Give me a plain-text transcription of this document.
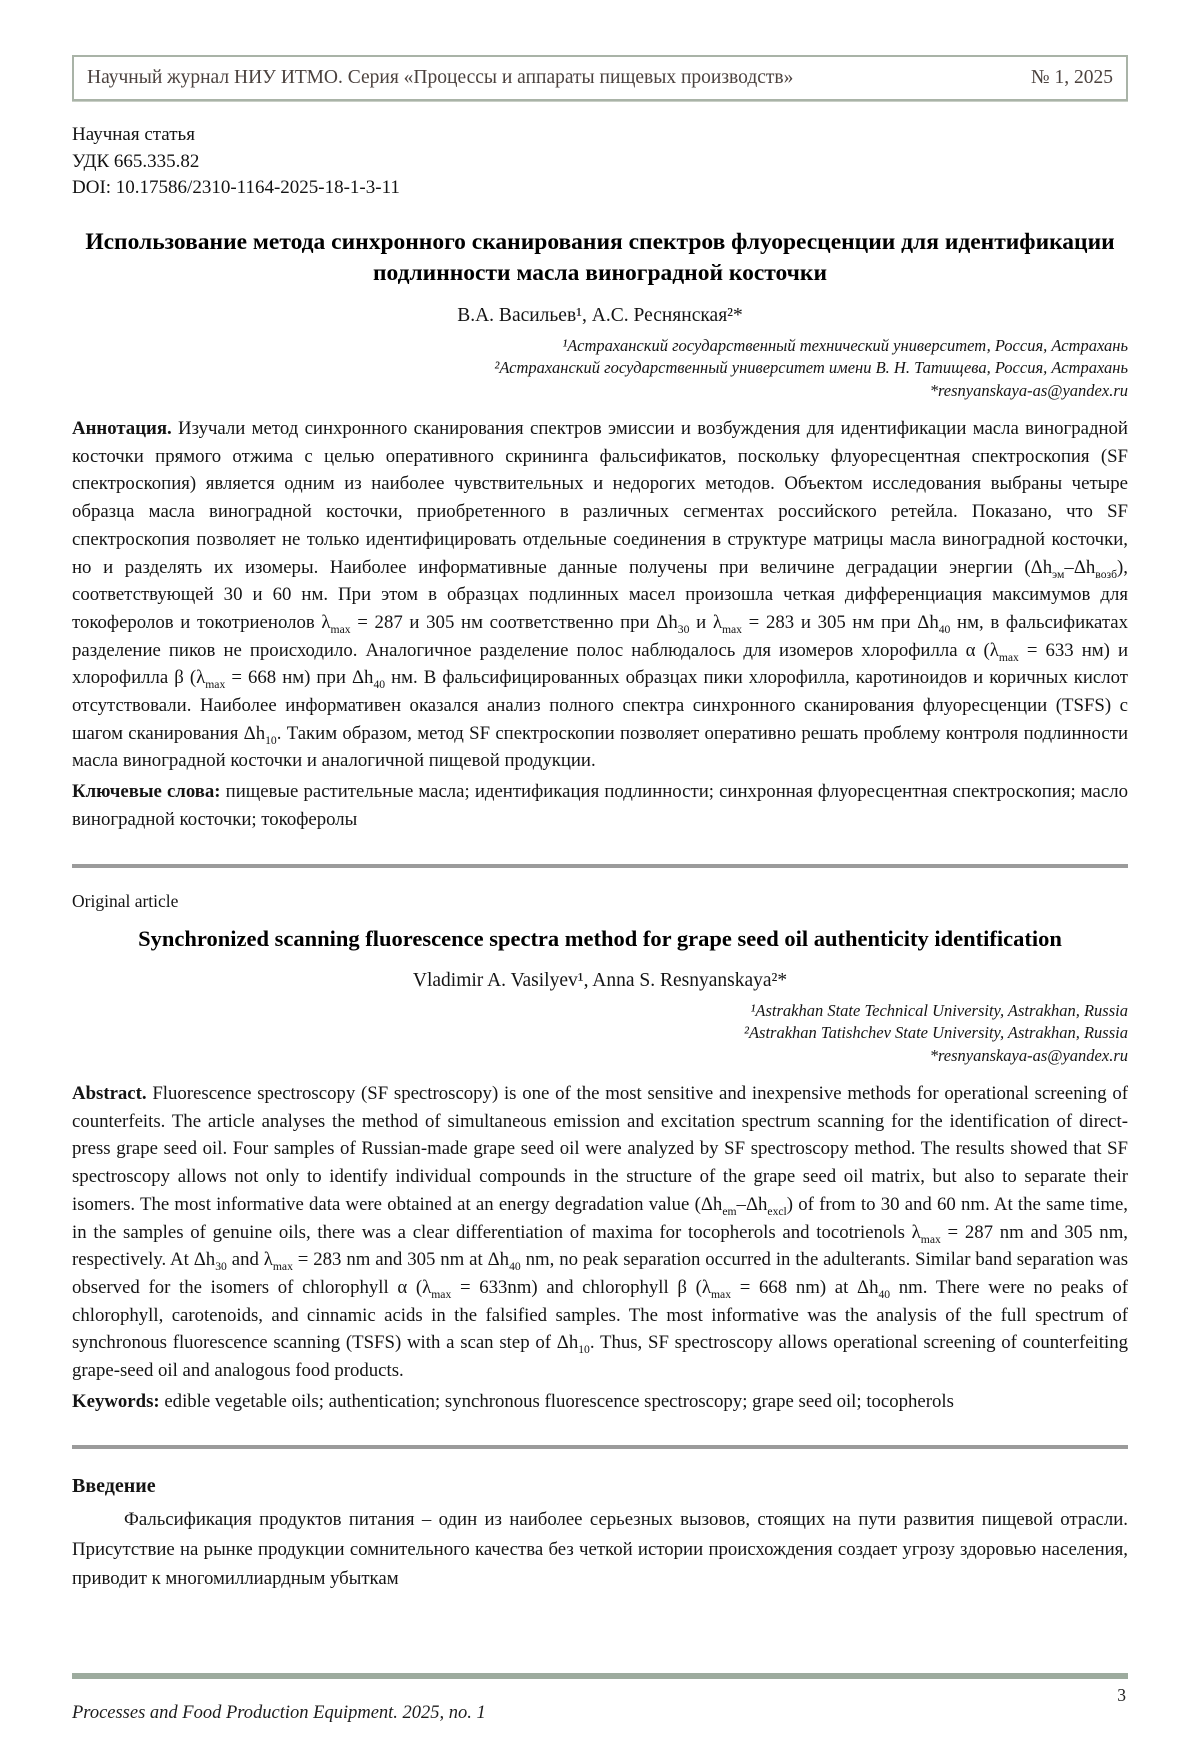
Научный журнал НИУ ИТМО. Серия «Процессы и аппараты пищевых производств»	№ 1, 2025
Научная статья
УДК 665.335.82
DOI: 10.17586/2310-1164-2025-18-1-3-11
Использование метода синхронного сканирования спектров флуоресценции для идентификации подлинности масла виноградной косточки
В.А. Васильев¹, А.С. Реснянская²*
¹Астраханский государственный технический университет, Россия, Астрахань
²Астраханский государственный университет имени В. Н. Татищева, Россия, Астрахань
*resnyanskaya-as@yandex.ru

Аннотация. Изучали метод синхронного сканирования спектров эмиссии и возбуждения для идентификации масла виноградной косточки прямого отжима с целью оперативного скрининга фальсификатов, поскольку флуоресцентная спектроскопия (SF спектроскопия) является одним из наиболее чувствительных и недорогих методов. Объектом исследования выбраны четыре образца масла виноградной косточки, приобретенного в различных сегментах российского ретейла. Показано, что SF спектроскопия позволяет не только идентифицировать отдельные соединения в структуре матрицы масла виноградной косточки, но и разделять их изомеры. Наиболее информативные данные получены при величине деградации энергии $(\Delta h_{эм}-\Delta h_{возб})$, соответствующей 30 и 60 нм. При этом в образцах подлинных масел произошла четкая дифференциация максимумов для токоферолов и токотриенолов $\lambda_{max} = 287$ и 305 нм соответственно при $\Delta h_{30}$ и $\lambda_{max} = 283$ и 305 нм при $\Delta h_{40}$ нм, в фальсификатах разделение пиков не происходило. Аналогичное разделение полос наблюдалось для изомеров хлорофилла α ($\lambda_{max} = 633$ нм) и хлорофилла β ($\lambda_{max} = 668$ нм) при $\Delta h_{40}$ нм. В фальсифицированных образцах пики хлорофилла, каротиноидов и коричных кислот отсутствовали. Наиболее информативен оказался анализ полного спектра синхронного сканирования флуоресценции (TSFS) с шагом сканирования $\Delta h_{10}$. Таким образом, метод SF спектроскопии позволяет оперативно решать проблему контроля подлинности масла виноградной косточки и аналогичной пищевой продукции.

Ключевые слова: пищевые растительные масла; идентификация подлинности; синхронная флуоресцентная спектроскопия; масло виноградной косточки; токоферолы

Original article
Synchronized scanning fluorescence spectra method for grape seed oil authenticity identification
Vladimir A. Vasilyev¹, Anna S. Resnyanskaya²*
¹Astrakhan State Technical University, Astrakhan, Russia
²Astrakhan Tatishchev State University, Astrakhan, Russia
*resnyanskaya-as@yandex.ru

Abstract. Fluorescence spectroscopy (SF spectroscopy) is one of the most sensitive and inexpensive methods for operational screening of counterfeits. The article analyses the method of simultaneous emission and excitation spectrum scanning for the identification of direct-press grape seed oil. Four samples of Russian-made grape seed oil were analyzed by SF spectroscopy method. The results showed that SF spectroscopy allows not only to identify individual compounds in the structure of the grape seed oil matrix, but also to separate their isomers. The most informative data were obtained at an energy degradation value $(\Delta h_{em}-\Delta h_{excl})$ of from to 30 and 60 nm. At the same time, in the samples of genuine oils, there was a clear differentiation of maxima for tocopherols and tocotrienols $\lambda_{max} = 287$ nm and 305 nm, respectively. At $\Delta h_{30}$ and $\lambda_{max} = 283$ nm and 305 nm at $\Delta h_{40}$ nm, no peak separation occurred in the adulterants. Similar band separation was observed for the isomers of chlorophyll α $(\lambda_{max} = 633nm)$ and chlorophyll β ($\lambda_{max} = 668$ nm) at $\Delta h_{40}$ nm. There were no peaks of chlorophyll, carotenoids, and cinnamic acids in the falsified samples. The most informative was the analysis of the full spectrum of synchronous fluorescence scanning (TSFS) with a scan step of $\Delta h_{10}$. Thus, SF spectroscopy allows operational screening of counterfeiting grape-seed oil and analogous food products.

Keywords: edible vegetable oils; authentication; synchronous fluorescence spectroscopy; grape seed oil; tocopherols

Введение

Фальсификация продуктов питания – один из наиболее серьезных вызовов, стоящих на пути развития пищевой отрасли. Присутствие на рынке продукции сомнительного качества без четкой истории происхождения создает угрозу здоровью населения, приводит к многомиллиардным убыткам

3
Processes and Food Production Equipment. 2025, no. 1
